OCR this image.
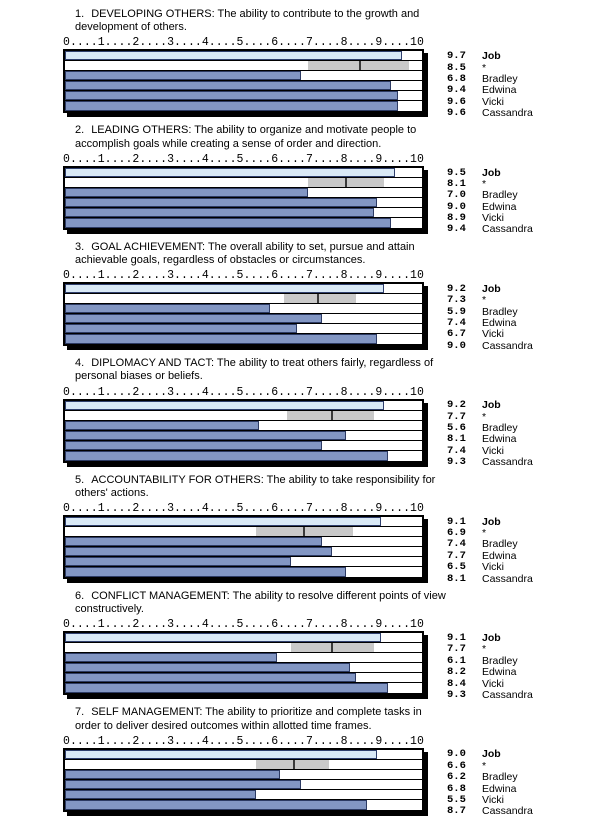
1. DEVELOPING OTHERS: The ability to contribute to the growth and development of others.

0....1....2....3....4....5....6....7....8....9....10
9.7	Job
8.5	*
6.8	Bradley
9.4	Edwina
9.6	Vicki
9.6	Cassandra

2. LEADING OTHERS: The ability to organize and motivate people to accomplish goals while creating a sense of order and direction.

0....1....2....3....4....5....6....7....8....9....10
9.5	Job
8.1	*
7.0	Bradley
9.0	Edwina
8.9	Vicki
9.4	Cassandra

3. GOAL ACHIEVEMENT: The overall ability to set, pursue and attain achievable goals, regardless of obstacles or circumstances.

0....1....2....3....4....5....6....7....8....9....10
9.2	Job
7.3	*
5.9	Bradley
7.4	Edwina
6.7	Vicki
9.0	Cassandra

4. DIPLOMACY AND TACT: The ability to treat others fairly, regardless of personal biases or beliefs.

0....1....2....3....4....5....6....7....8....9....10
9.2	Job
7.7	*
5.6	Bradley
8.1	Edwina
7.4	Vicki
9.3	Cassandra

5. ACCOUNTABILITY FOR OTHERS: The ability to take responsibility for others' actions.

0....1....2....3....4....5....6....7....8....9....10
9.1	Job
6.9	*
7.4	Bradley
7.7	Edwina
6.5	Vicki
8.1	Cassandra

6. CONFLICT MANAGEMENT: The ability to resolve different points of view constructively.

0....1....2....3....4....5....6....7....8....9....10
9.1	Job
7.7	*
6.1	Bradley
8.2	Edwina
8.4	Vicki
9.3	Cassandra

7. SELF MANAGEMENT: The ability to prioritize and complete tasks in order to deliver desired outcomes within allotted time frames.

0....1....2....3....4....5....6....7....8....9....10
9.0	Job
6.6	*
6.2	Bradley
6.8	Edwina
5.5	Vicki
8.7	Cassandra
